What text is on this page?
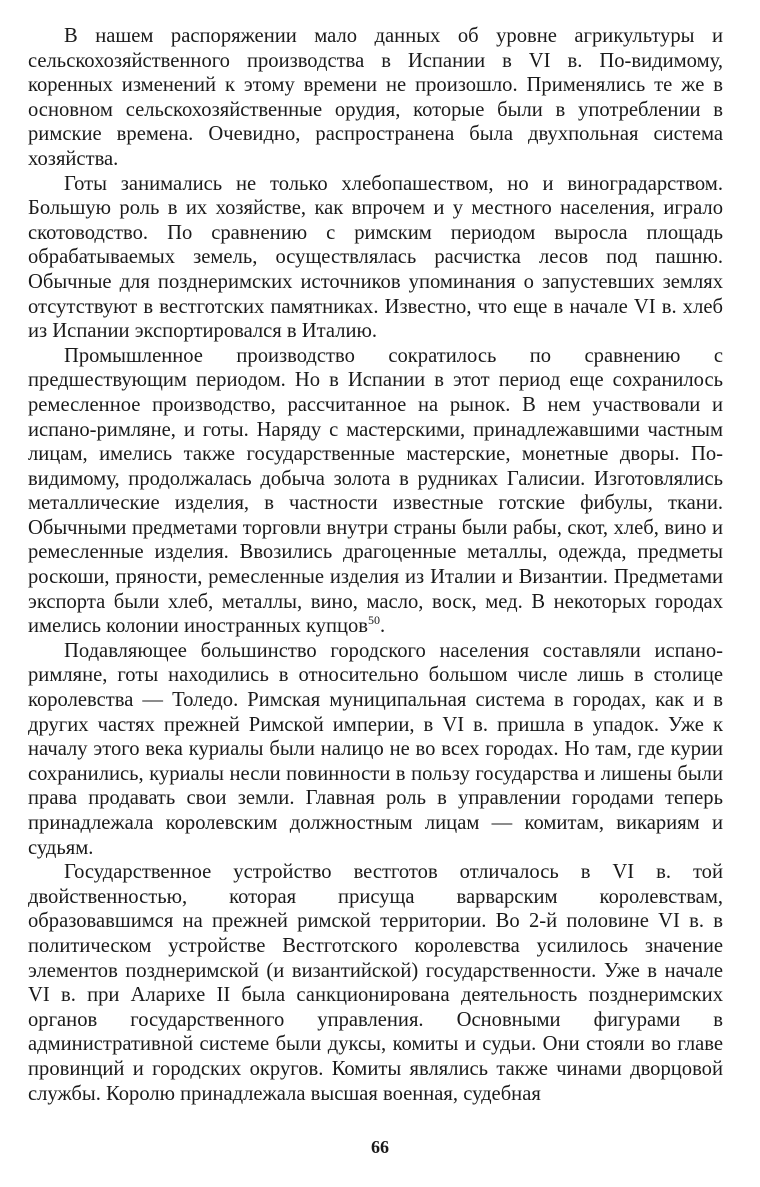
В нашем распоряжении мало данных об уровне агрикультуры и сельскохозяйственного производства в Испании в VI в. По-видимому, коренных изменений к этому времени не произошло. Применялись те же в основном сельскохозяйственные орудия, которые были в употреблении в римские времена. Очевидно, распространена была двухпольная система хозяйства.

Готы занимались не только хлебопашеством, но и виноградарством. Большую роль в их хозяйстве, как впрочем и у местного населения, играло скотоводство. По сравнению с римским периодом выросла площадь обрабатываемых земель, осуществлялась расчистка лесов под пашню. Обычные для позднеримских источников упоминания о запустевших землях отсутствуют в вестготских памятниках. Известно, что еще в начале VI в. хлеб из Испании экспортировался в Италию.

Промышленное производство сократилось по сравнению с предшествующим периодом. Но в Испании в этот период еще сохранилось ремесленное производство, рассчитанное на рынок. В нем участвовали и испано-римляне, и готы. Наряду с мастерскими, принадлежавшими частным лицам, имелись также государственные мастерские, монетные дворы. По-видимому, продолжалась добыча золота в рудниках Галисии. Изготовлялись металлические изделия, в частности известные готские фибулы, ткани. Обычными предметами торговли внутри страны были рабы, скот, хлеб, вино и ремесленные изделия. Ввозились драгоценные металлы, одежда, предметы роскоши, пряности, ремесленные изделия из Италии и Византии. Предметами экспорта были хлеб, металлы, вино, масло, воск, мед. В некоторых городах имелись колонии иностранных купцов$^{50}$.

Подавляющее большинство городского населения составляли испано-римляне, готы находились в относительно большом числе лишь в столице королевства — Толедо. Римская муниципальная система в городах, как и в других частях прежней Римской империи, в VI в. пришла в упадок. Уже к началу этого века куриалы были налицо не во всех городах. Но там, где курии сохранились, куриалы несли повинности в пользу государства и лишены были права продавать свои земли. Главная роль в управлении городами теперь принадлежала королевским должностным лицам — комитам, викариям и судьям.

Государственное устройство вестготов отличалось в VI в. той двойственностью, которая присуща варварским королевствам, образовавшимся на прежней римской территории. Во 2-й половине VI в. в политическом устройстве Вестготского королевства усилилось значение элементов позднеримской (и византийской) государственности. Уже в начале VI в. при Аларихе II была санкционирована деятельность позднеримских органов государственного управления. Основными фигурами в административной системе были дуксы, комиты и судьи. Они стояли во главе провинций и городских округов. Комиты являлись также чинами дворцовой службы. Королю принадлежала высшая военная, судебная

66
